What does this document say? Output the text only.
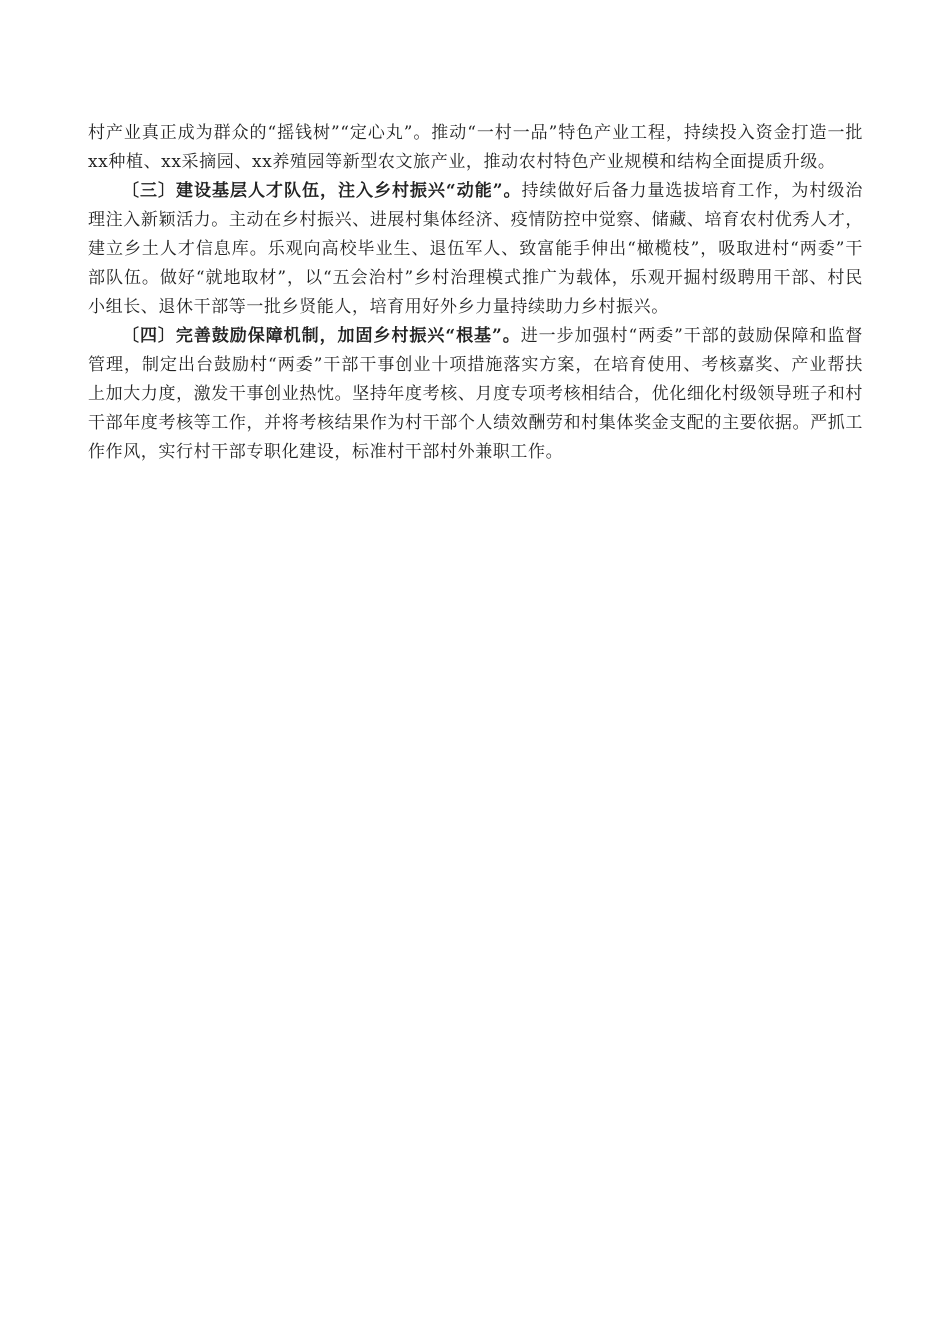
村产业真正成为群众的“摇钱树”“定心丸”。推动“一村一品”特色产业工程，持续投入资金打造一批xx种植、xx采摘园、xx养殖园等新型农文旅产业，推动农村特色产业规模和结构全面提质升级。

〔三〕建设基层人才队伍，注入乡村振兴“动能”。持续做好后备力量选拔培育工作，为村级治理注入新颖活力。主动在乡村振兴、进展村集体经济、疫情防控中觉察、储藏、培育农村优秀人才，建立乡土人才信息库。乐观向高校毕业生、退伍军人、致富能手伸出“橄榄枝”，吸取进村“两委”干部队伍。做好“就地取材”，以“五会治村”乡村治理模式推广为载体，乐观开掘村级聘用干部、村民小组长、退休干部等一批乡贤能人，培育用好外乡力量持续助力乡村振兴。

〔四〕完善鼓励保障机制，加固乡村振兴“根基”。进一步加强村“两委”干部的鼓励保障和监督管理，制定出台鼓励村“两委”干部干事创业十项措施落实方案，在培育使用、考核嘉奖、产业帮扶上加大力度，激发干事创业热忱。坚持年度考核、月度专项考核相结合，优化细化村级领导班子和村干部年度考核等工作，并将考核结果作为村干部个人绩效酬劳和村集体奖金支配的主要依据。严抓工作作风，实行村干部专职化建设，标准村干部村外兼职工作。
